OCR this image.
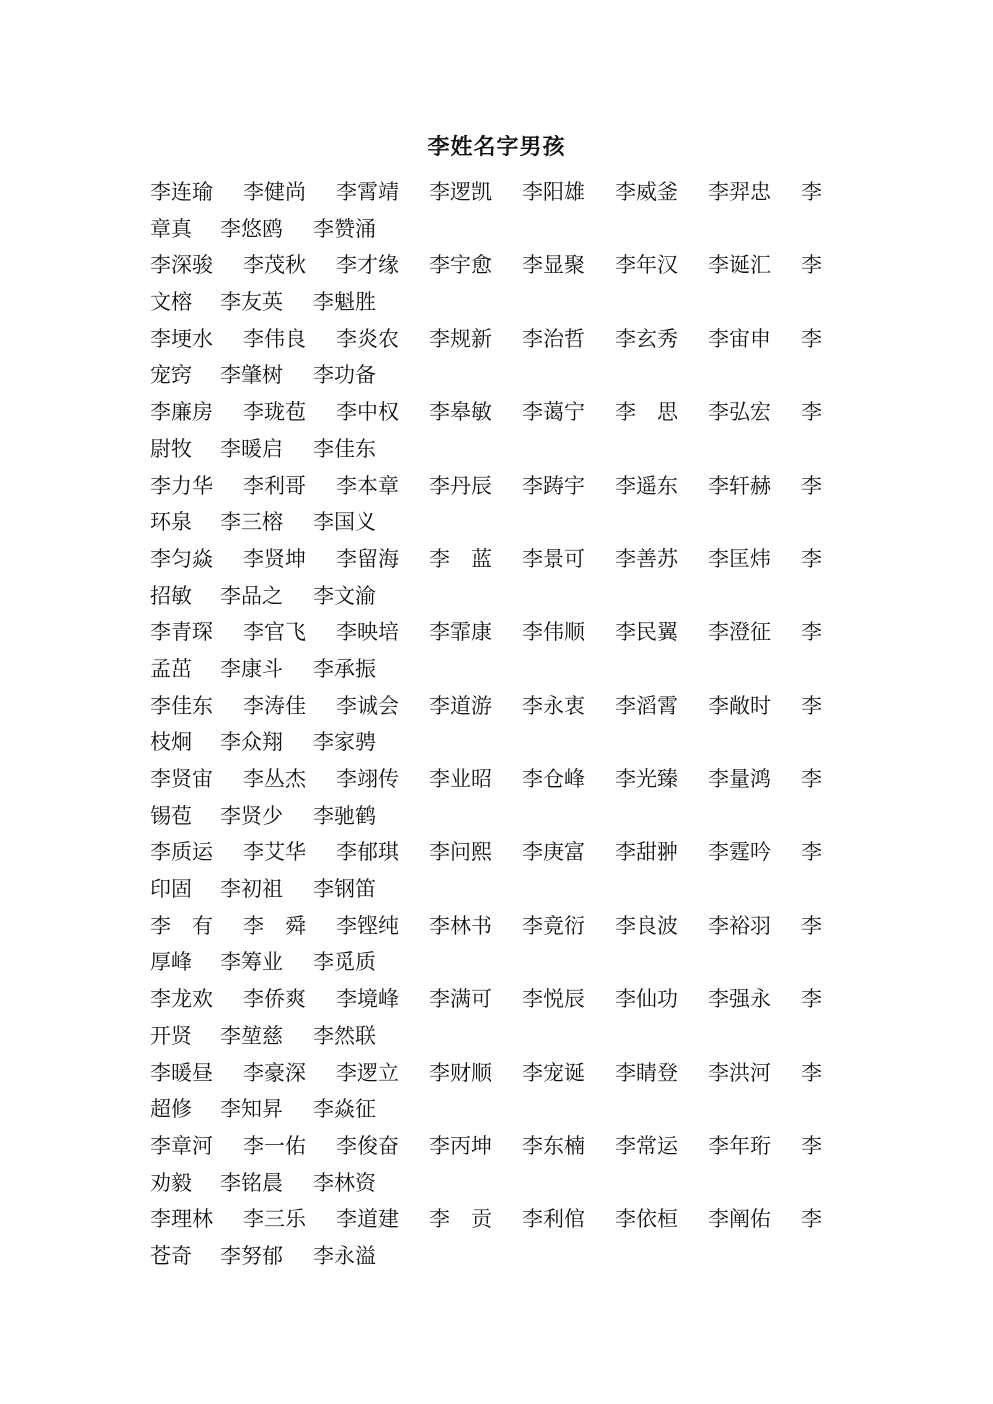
李姓名字男孩
李连瑜 李健尚 李霄靖 李逻凯 李阳雄 李威釜 李羿忠 李
章真 李悠鸥 李赞涌
李深骏 李茂秋 李才缘 李宇愈 李显聚 李年汉 李诞汇 李
文榕 李友英 李魁胜
李埂水 李伟良 李炎农 李规新 李治哲 李玄秀 李宙申 李
宠窍 李肇树 李功备
李廉房 李珑苞 李中权 李皋敏 李蔼宁 李　思 李弘宏 李
尉牧 李暖启 李佳东
李力华 李利哥 李本章 李丹辰 李踌宇 李遥东 李轩赫 李
环泉 李三榕 李国义
李匀焱 李贤坤 李留海 李　蓝 李景可 李善苏 李匡炜 李
招敏 李品之 李文渝
李青琛 李官飞 李映培 李霏康 李伟顺 李民翼 李澄征 李
孟茁 李康斗 李承振
李佳东 李涛佳 李诚会 李道游 李永衷 李滔霄 李敞时 李
枝炯 李众翔 李家骋
李贤宙 李丛杰 李翊传 李业昭 李仓峰 李光臻 李量鸿 李
锡苞 李贤少 李驰鹤
李质运 李艾华 李郁琪 李问熙 李庚富 李甜翀 李霆吟 李
印固 李初祖 李钢笛
李　有 李　舜 李铿纯 李林书 李竟衍 李良波 李裕羽 李
厚峰 李筹业 李觅质
李龙欢 李侨爽 李境峰 李满可 李悦辰 李仙功 李强永 李
开贤 李堃慈 李然联
李暖昼 李豪深 李逻立 李财顺 李宠诞 李睛登 李洪河 李
超修 李知昇 李焱征
李章河 李一佑 李俊奋 李丙坤 李东楠 李常运 李年珩 李
劝毅 李铭晨 李林资
李理林 李三乐 李道建 李　贡 李利倌 李依桓 李阐佑 李
苍奇 李努郁 李永溢
